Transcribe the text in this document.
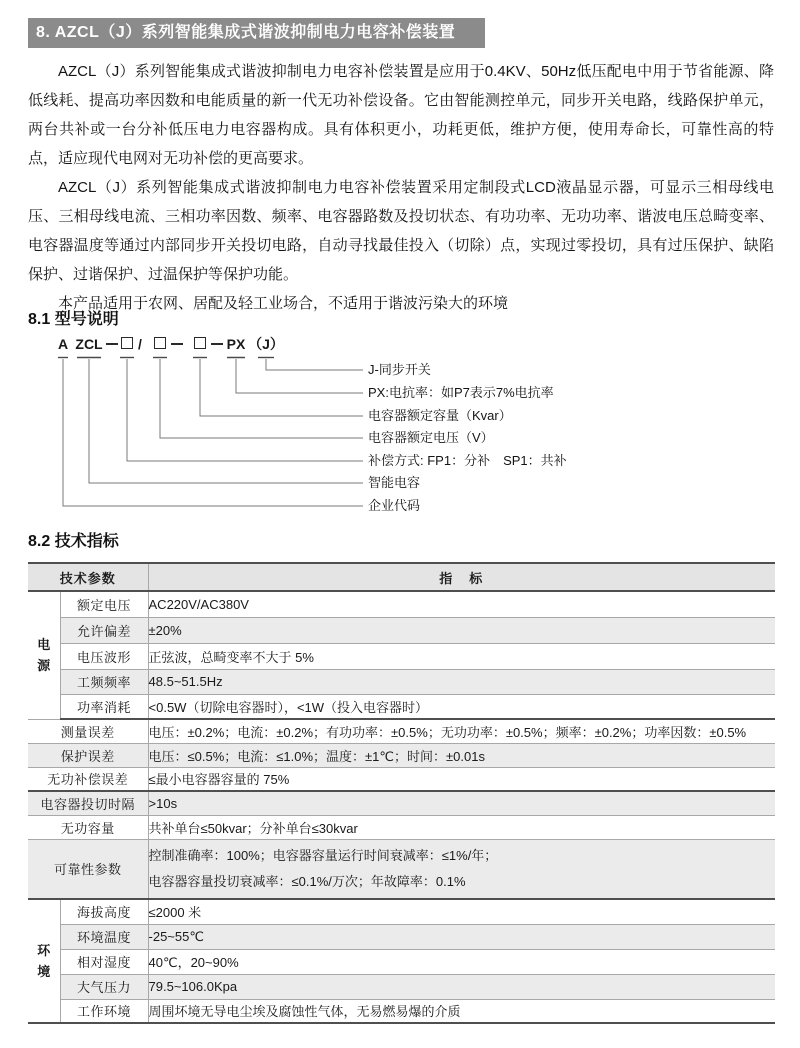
8. AZCL（J）系列智能集成式谐波抑制电力电容补偿装置

AZCL（J）系列智能集成式谐波抑制电力电容补偿装置是应用于0.4KV、50Hz低压配电中用于节省能源、降低线耗、提高功率因数和电能质量的新一代无功补偿设备。它由智能测控单元，同步开关电路，线路保护单元，两台共补或一台分补低压电力电容器构成。具有体积更小，功耗更低，维护方便，使用寿命长，可靠性高的特点，适应现代电网对无功补偿的更高要求。

AZCL（J）系列智能集成式谐波抑制电力电容补偿装置采用定制段式LCD液晶显示器，可显示三相母线电压、三相母线电流、三相功率因数、频率、电容器路数及投切状态、有功功率、无功功率、谐波电压总畸变率、电容器温度等通过内部同步开关投切电路，自动寻找最佳投入（切除）点，实现过零投切，具有过压保护、缺陷保护、过谐保护、过温保护等保护功能。

本产品适用于农网、居配及轻工业场合，不适用于谐波污染大的环境

8.1 型号说明
A ZCL	/	PX （J）
J-同步开关
PX:电抗率：如P7表示7%电抗率
电容器额定容量（Kvar）
电容器额定电压（V）
补偿方式: FP1：分补　SP1：共补
智能电容
企业代码
8.2 技术指标
技术参数		指　标

电
源	额定电压	AC220V/AC380V
	允许偏差	±20%
	电压波形	正弦波，总畸变率不大于 5%
	工频频率	48.5~51.5Hz
	功率消耗	<0.5W（切除电容器时），<1W（投入电容器时）
测量误差		电压：±0.2%；电流：±0.2%；有功功率：±0.5%；无功功率：±0.5%；频率：±0.2%；功率因数：±0.5%
保护误差		电压：≤0.5%；电流：≤1.0%；温度：±1℃；时间：±0.01s
无功补偿误差		≤最小电容器容量的 75%
电容器投切时隔		>10s
无功容量		共补单台≤50kvar；分补单台≤30kvar
可靠性参数		控制准确率：100%；电容器容量运行时间衰减率：≤1%/年；
电容器容量投切衰减率：≤0.1%/万次；年故障率：0.1%

环
境	海拔高度	≤2000 米
	环境温度	-25~55℃
	相对湿度	40℃，20~90%
	大气压力	79.5~106.0Kpa
	工作环境	周围坏境无导电尘埃及腐蚀性气体，无易燃易爆的介质
